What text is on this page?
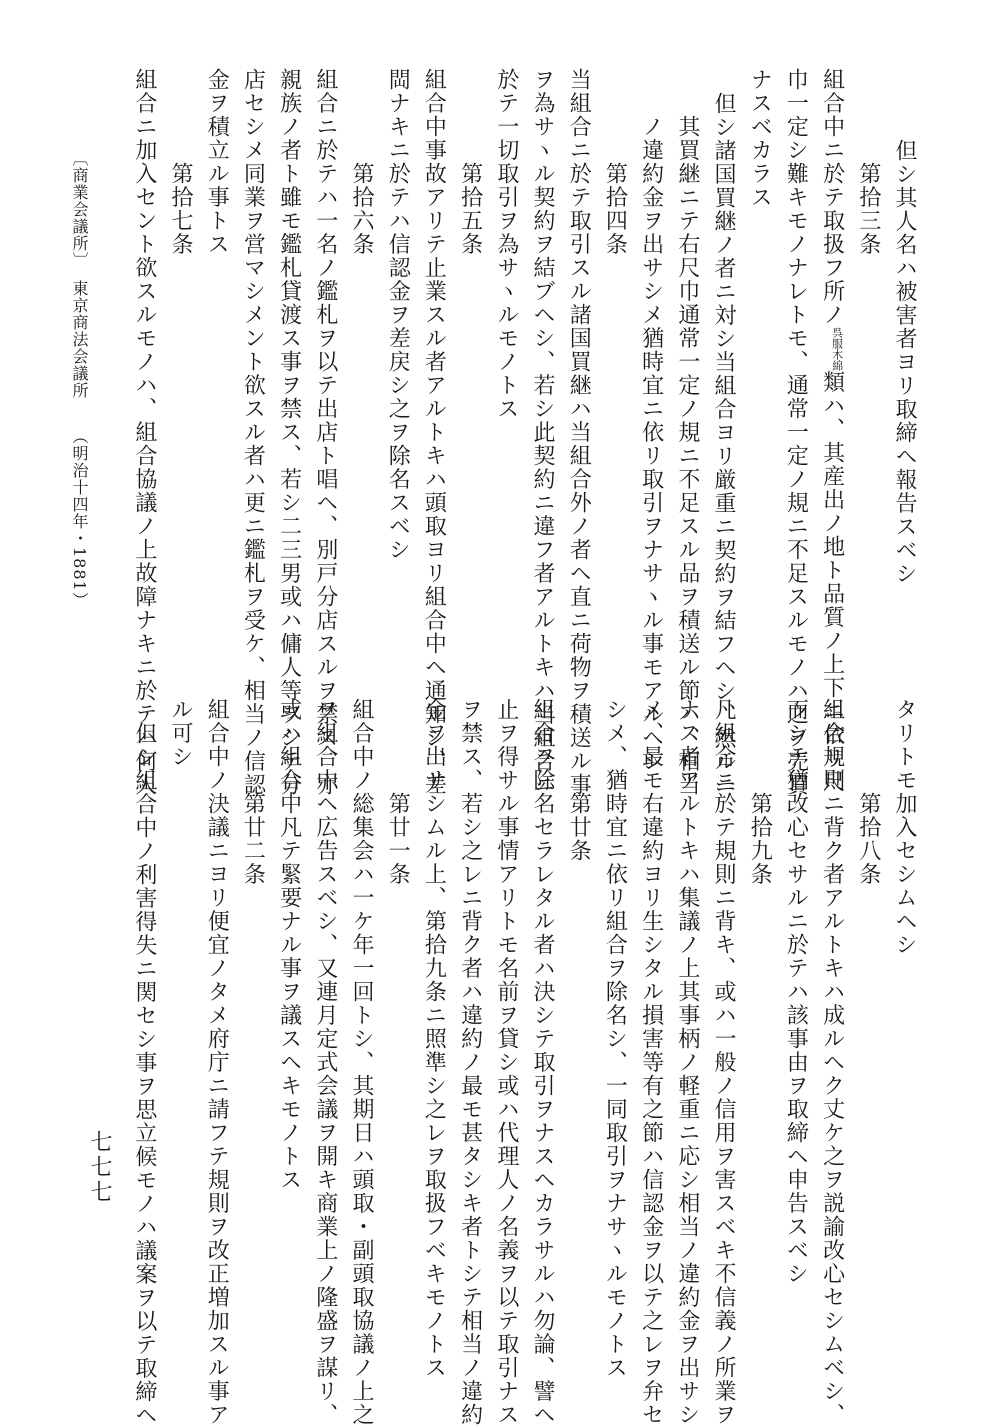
但シ其人名ハ被害者ヨリ取締ヘ報告スベシ
第拾三条
組合中ニ於テ取扱フ所ノ
木綿
呉服
類ハ、其産出ノ地ト品質ノ上下ニ依リ尺
巾一定シ難キモノナレトモ、通常一定ノ規ニ不足スルモノハ之ヲ売買
ナスベカラス
但シ諸国買継ノ者ニ対シ当組合ヨリ厳重ニ契約ヲ結フヘシ、然ルニ
其買継ニテ右尺巾通常一定ノ規ニ不足スル品ヲ積送ル節ハ、相当
ノ違約金ヲ出サシメ猶時宜ニ依リ取引ヲナサヽル事モアルヘシ
第拾四条
当組合ニ於テ取引スル諸国買継ハ当組合外ノ者ヘ直ニ荷物ヲ積送ル事
ヲ為サヽル契約ヲ結ブヘシ、若シ此契約ニ違フ者アルトキハ当組合ニ
於テ一切取引ヲ為サヽルモノトス
第拾五条
組合中事故アリテ止業スル者アルトキハ頭取ヨリ組合中ヘ通知シ、差
閊ナキニ於テハ信認金ヲ差戻シ之ヲ除名スベシ
第拾六条
組合ニ於テハ一名ノ鑑札ヲ以テ出店ト唱ヘ、別戸分店スルヲ禁ス、亦
親族ノ者ト雖モ鑑札貸渡ス事ヲ禁ス、若シ二三男或ハ傭人等ヲシテ分
店セシメ同業ヲ営マシメント欲スル者ハ更ニ鑑札ヲ受ケ、相当ノ信認
金ヲ積立ル事トス
第拾七条
組合ニ加入セント欲スルモノハ、組合協議ノ上故障ナキニ於テハ何人
タリトモ加入セシムヘシ
第拾八条
組合規則ニ背ク者アルトキハ成ルヘク丈ケ之ヲ説諭改心セシムベシ、
而シテ猶改心セサルニ於テハ該事由ヲ取締ヘ申告スベシ
第拾九条
凡組合ニ於テ規則ニ背キ、或ハ一般ノ信用ヲ害スベキ不信義ノ所業ヲ
ナス者アルトキハ集議ノ上其事柄ノ軽重ニ応シ相当ノ違約金ヲ出サシ
メ、最モ右違約ヨリ生シタル損害等有之節ハ信認金ヲ以テ之レヲ弁セ
シメ、猶時宜ニ依リ組合ヲ除名シ、一同取引ヲナサヽルモノトス
第廿条
組合ヲ除名セラレタル者ハ決シテ取引ヲナスヘカラサルハ勿論、譬ヘ
止ヲ得サル事情アリトモ名前ヲ貸シ或ハ代理人ノ名義ヲ以テ取引ナス
ヲ禁ス、若シ之レニ背ク者ハ違約ノ最モ甚タシキ者トシテ相当ノ違約
金ヲ出サシムル上、第拾九条ニ照準シ之レヲ取扱フベキモノトス
第廿一条
組合中ノ総集会ハ一ケ年一回トシ、其期日ハ頭取・副頭取協議ノ上之
ヲ組合中ヘ広告スベシ、又連月定式会議ヲ開キ商業上ノ隆盛ヲ謀リ、
或ハ組合中凡テ緊要ナル事ヲ議スヘキモノトス
第廿二条
組合中ノ決議ニヨリ便宜ノタメ府庁ニ請フテ規則ヲ改正増加スル事ア
ル可シ
但シ組合中ノ利害得失ニ関セシ事ヲ思立候モノハ議案ヲ以テ取締ヘ
〔商業会議所〕
東京商法会議所
（明治十四年・1881）
七七七
